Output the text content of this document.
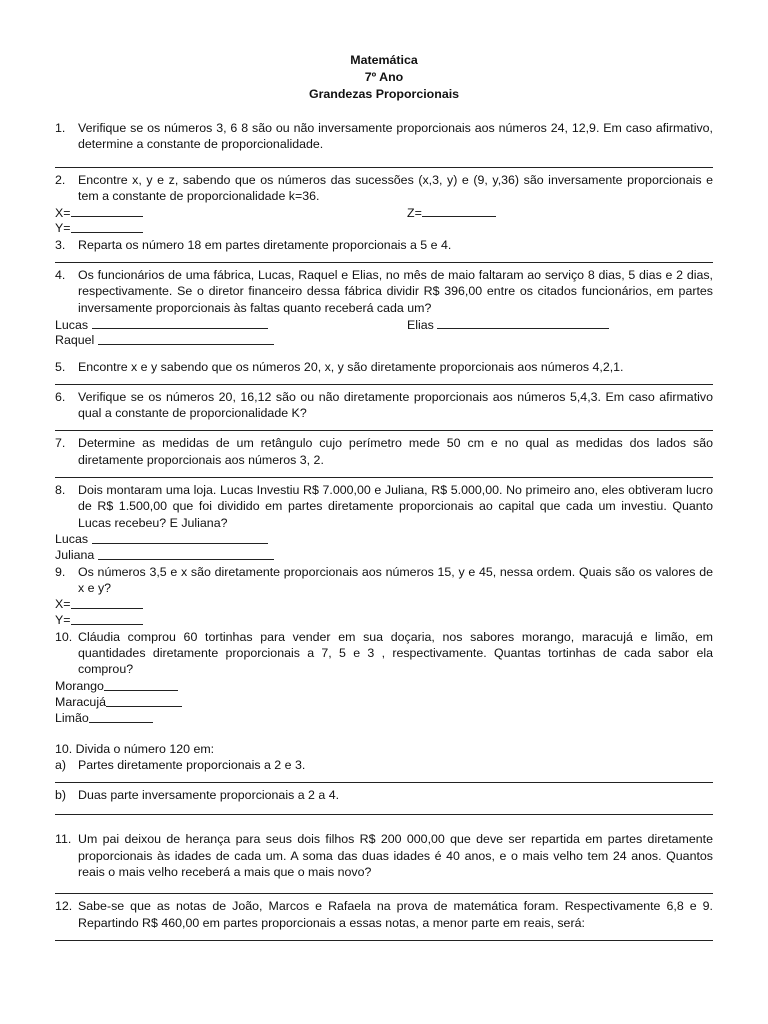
Matemática
7º Ano
Grandezas Proporcionais
1.	Verifique se os números 3, 6 8 são ou não inversamente proporcionais aos números 24, 12,9. Em caso afirmativo, determine a constante de proporcionalidade.
2.	Encontre x, y e z, sabendo que os números das sucessões (x,3, y) e (9, y,36) são inversamente proporcionais e tem a constante de proporcionalidade k=36.
X=	Z=
Y=
3.	Reparta os número 18 em partes diretamente proporcionais a 5 e 4.
4.	Os funcionários de uma fábrica, Lucas, Raquel e Elias, no mês de maio faltaram ao serviço 8 dias, 5 dias e 2 dias, respectivamente. Se o diretor financeiro dessa fábrica dividir R$ 396,00 entre os citados funcionários, em partes inversamente proporcionais às faltas quanto receberá cada um?
Lucas	Elias
Raquel

5.	Encontre x e y sabendo que os números 20, x, y são diretamente proporcionais aos números 4,2,1.
6.	Verifique se os números 20, 16,12 são ou não diretamente proporcionais aos números 5,4,3. Em caso afirmativo qual a constante de proporcionalidade K?
7.	Determine as medidas de um retângulo cujo perímetro mede 50 cm e no qual as medidas dos lados são diretamente proporcionais aos números 3, 2.
8.	Dois montaram uma loja. Lucas Investiu R$ 7.000,00 e Juliana, R$ 5.000,00. No primeiro ano, eles obtiveram lucro de R$ 1.500,00 que foi dividido em partes diretamente proporcionais ao capital que cada um investiu. Quanto Lucas recebeu? E Juliana?
Lucas

Juliana

9.	Os números 3,5 e x são diretamente proporcionais aos números 15, y e 45, nessa ordem. Quais são os valores de x e y?
X=
Y=
10. Cláudia comprou 60 tortinhas para vender em sua doçaria, nos sabores morango, maracujá e limão, em quantidades diretamente proporcionais a 7, 5 e 3 , respectivamente. Quantas tortinhas de cada sabor ela comprou?
Morango
Maracujá
Limão
10. Divida o número 120 em:
a) Partes diretamente proporcionais a 2 e 3.
b) Duas parte inversamente proporcionais a 2 a 4.
11. Um pai deixou de herança para seus dois filhos R$ 200 000,00 que deve ser repartida em partes diretamente proporcionais às idades de cada um. A soma das duas idades é 40 anos, e o mais velho tem 24 anos. Quantos reais o mais velho receberá a mais que o mais novo?
12. Sabe-se que as notas de João, Marcos e Rafaela na prova de matemática foram. Respectivamente 6,8 e 9. Repartindo R$ 460,00 em partes proporcionais a essas notas, a menor parte em reais, será:
